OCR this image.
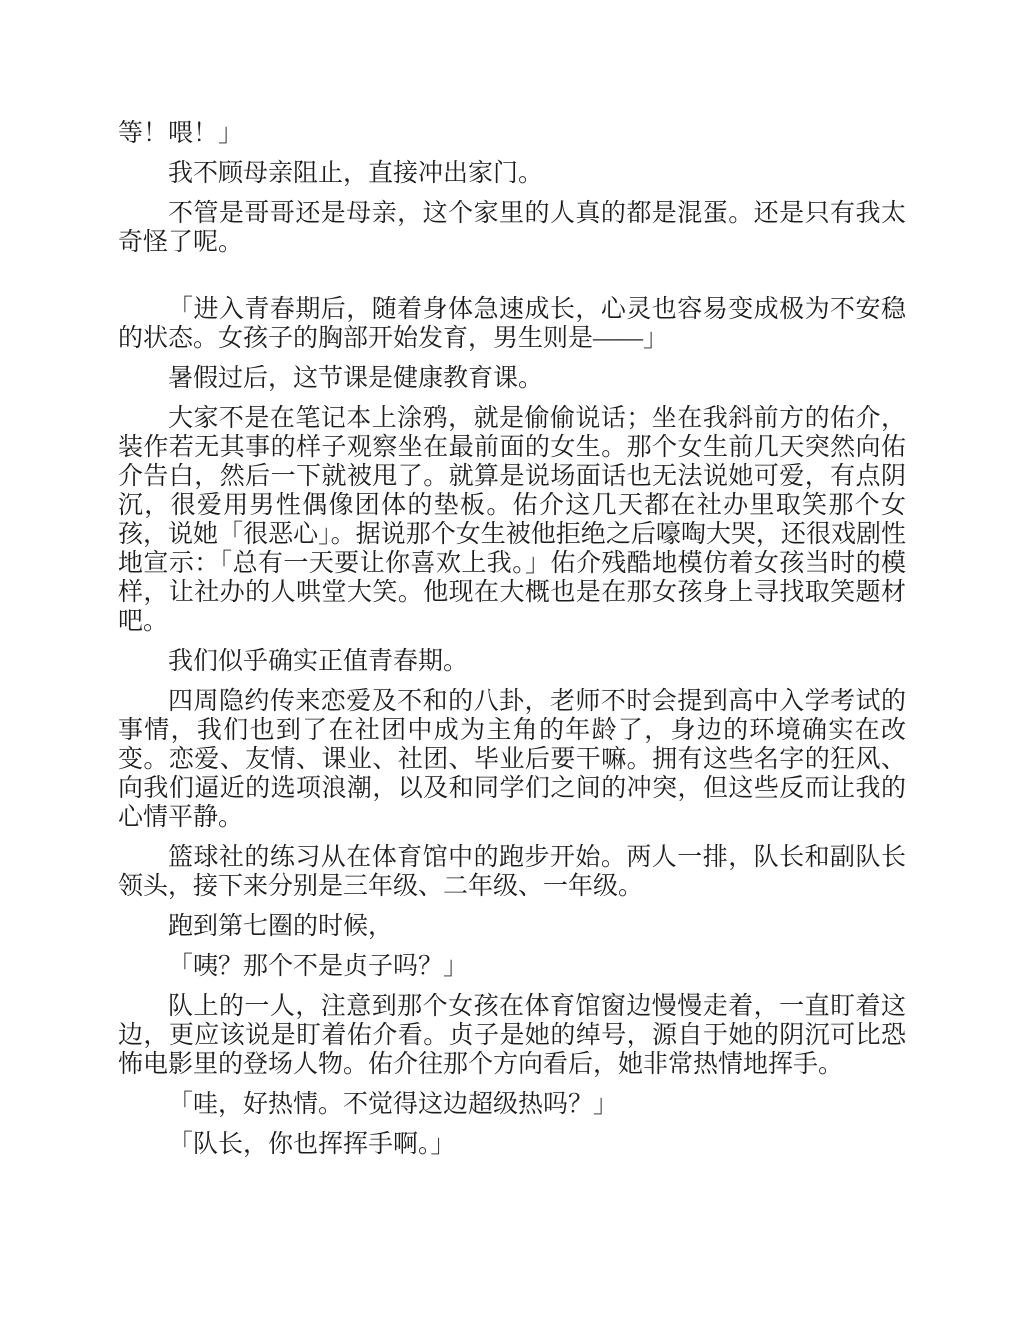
等！喂！」

我不顾母亲阻止，直接冲出家门。

不管是哥哥还是母亲，这个家里的人真的都是混蛋。还是只有我太奇怪了呢。

「进入青春期后，随着身体急速成长，心灵也容易变成极为不安稳的状态。女孩子的胸部开始发育，男生则是——」

暑假过后，这节课是健康教育课。

大家不是在笔记本上涂鸦，就是偷偷说话；坐在我斜前方的佑介，装作若无其事的样子观察坐在最前面的女生。那个女生前几天突然向佑介告白，然后一下就被甩了。就算是说场面话也无法说她可爱，有点阴沉，很爱用男性偶像团体的垫板。佑介这几天都在社办里取笑那个女孩，说她「很恶心」。据说那个女生被他拒绝之后嚎啕大哭，还很戏剧性地宣示：「总有一天要让你喜欢上我。」佑介残酷地模仿着女孩当时的模样，让社办的人哄堂大笑。他现在大概也是在那女孩身上寻找取笑题材吧。

我们似乎确实正值青春期。

四周隐约传来恋爱及不和的八卦，老师不时会提到高中入学考试的事情，我们也到了在社团中成为主角的年龄了，身边的环境确实在改变。恋爱、友情、课业、社团、毕业后要干嘛。拥有这些名字的狂风、向我们逼近的选项浪潮，以及和同学们之间的冲突，但这些反而让我的心情平静。

篮球社的练习从在体育馆中的跑步开始。两人一排，队长和副队长领头，接下来分别是三年级、二年级、一年级。

跑到第七圈的时候，

「咦？那个不是贞子吗？」

队上的一人，注意到那个女孩在体育馆窗边慢慢走着，一直盯着这边，更应该说是盯着佑介看。贞子是她的绰号，源自于她的阴沉可比恐怖电影里的登场人物。佑介往那个方向看后，她非常热情地挥手。

「哇，好热情。不觉得这边超级热吗？」

「队长，你也挥挥手啊。」
